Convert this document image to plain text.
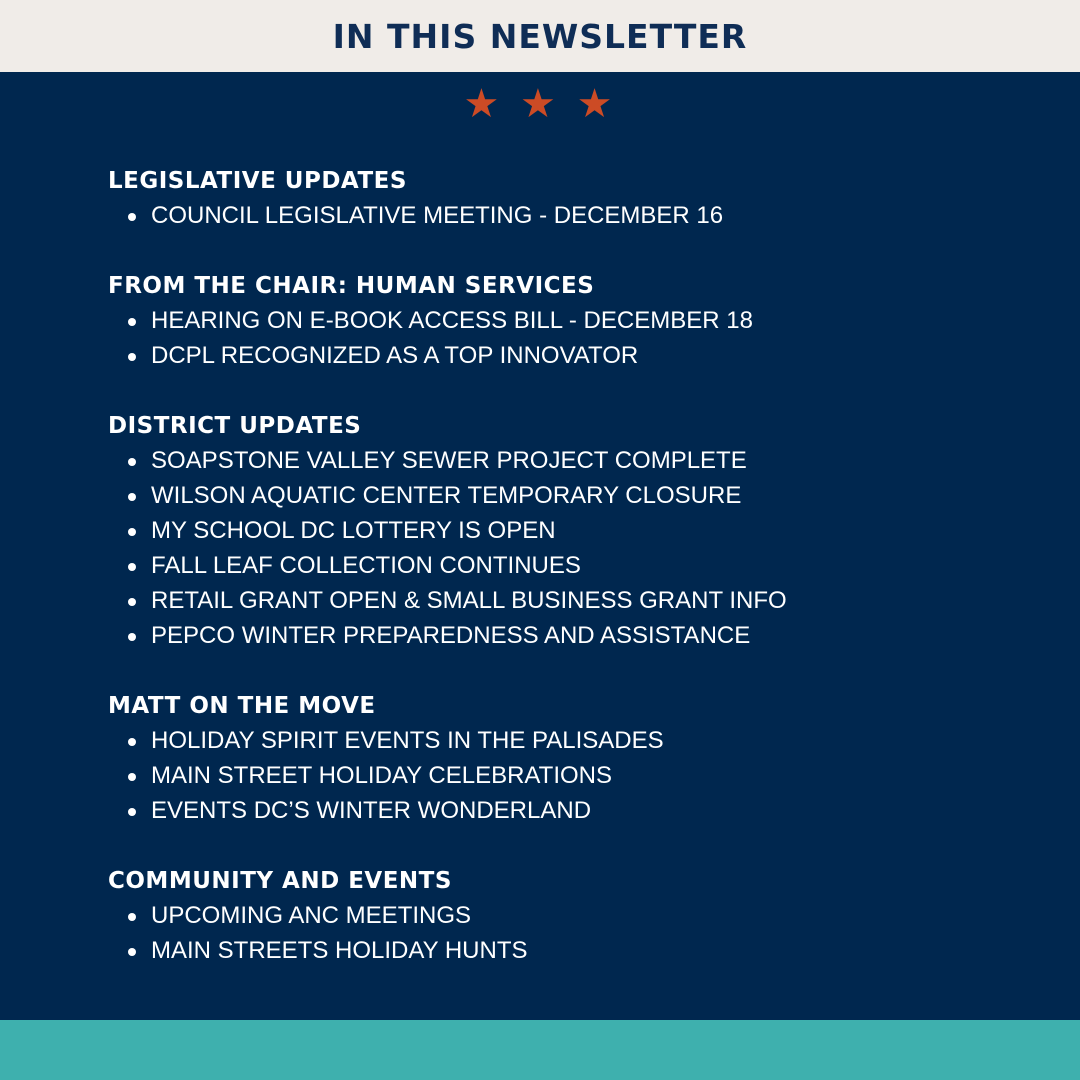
IN THIS NEWSLETTER
★ ★ ★
LEGISLATIVE UPDATES
COUNCIL LEGISLATIVE MEETING - DECEMBER 16
FROM THE CHAIR: HUMAN SERVICES
HEARING ON E-BOOK ACCESS BILL - DECEMBER 18
DCPL RECOGNIZED AS A TOP INNOVATOR
DISTRICT UPDATES
SOAPSTONE VALLEY SEWER PROJECT COMPLETE
WILSON AQUATIC CENTER TEMPORARY CLOSURE
MY SCHOOL DC LOTTERY IS OPEN
FALL LEAF COLLECTION CONTINUES
RETAIL GRANT OPEN & SMALL BUSINESS GRANT INFO
PEPCO WINTER PREPAREDNESS AND ASSISTANCE
MATT ON THE MOVE
HOLIDAY SPIRIT EVENTS IN THE PALISADES
MAIN STREET HOLIDAY CELEBRATIONS
EVENTS DC’S WINTER WONDERLAND
COMMUNITY AND EVENTS
UPCOMING ANC MEETINGS
MAIN STREETS HOLIDAY HUNTS
